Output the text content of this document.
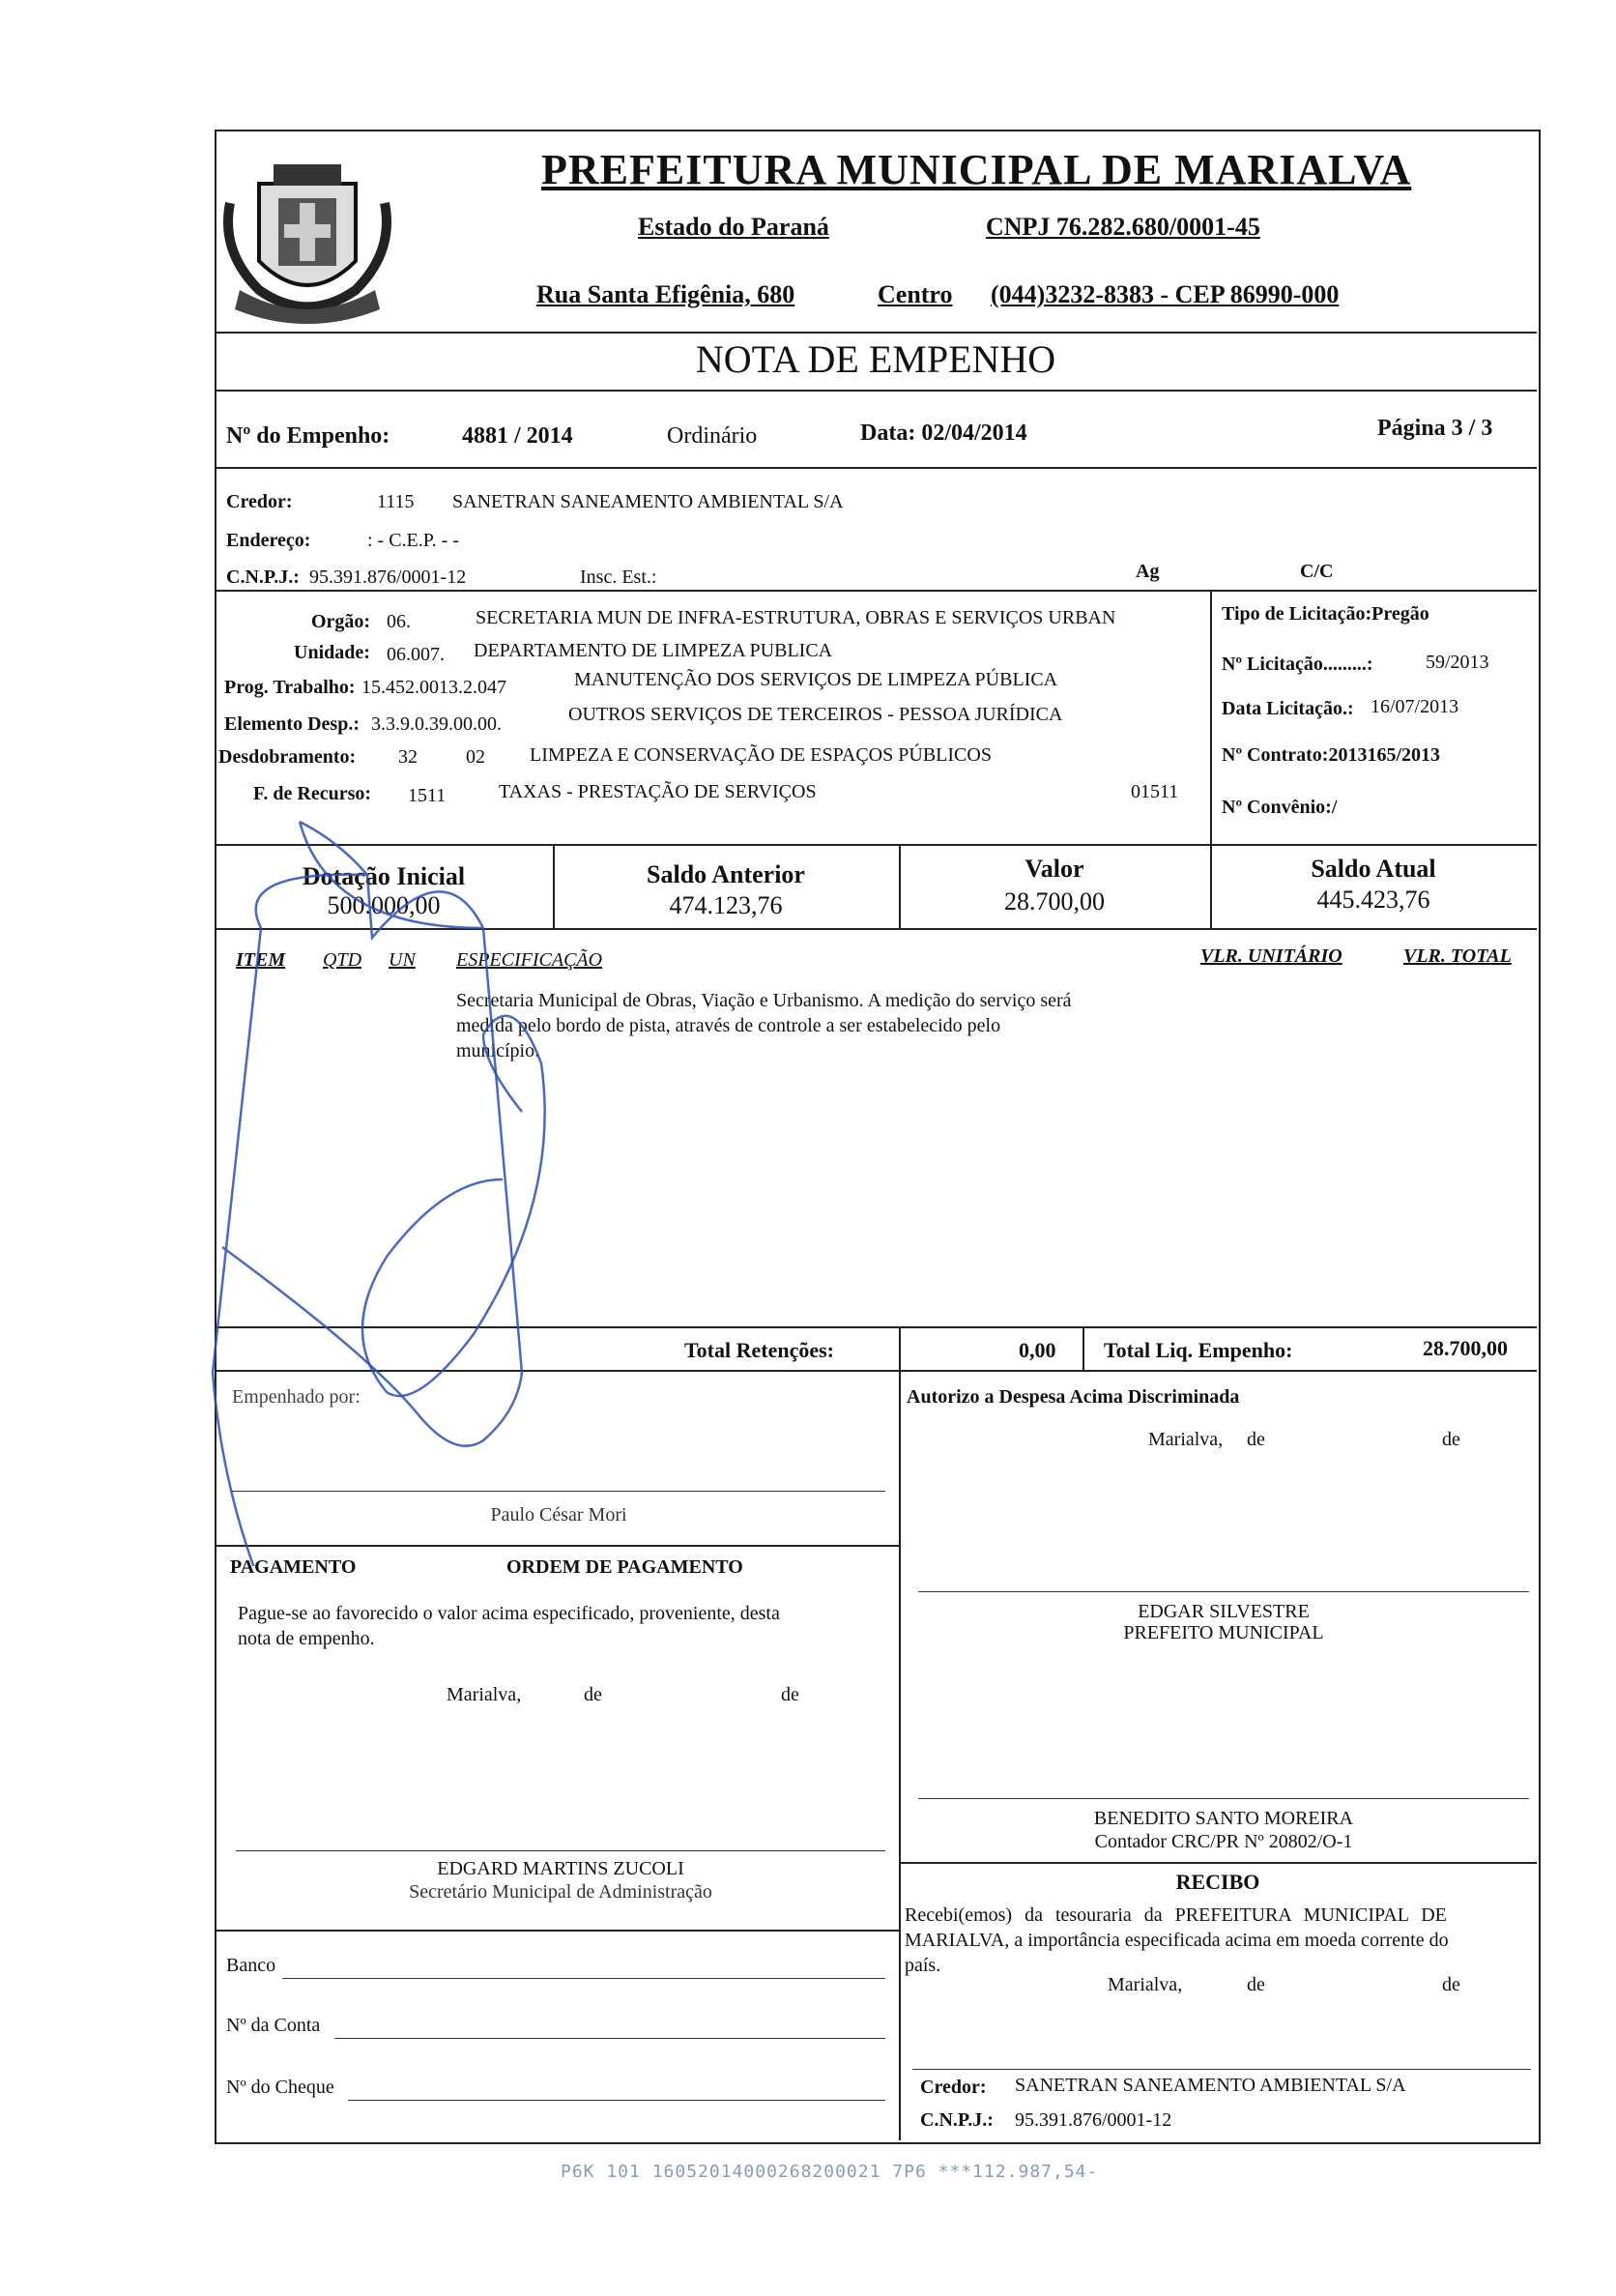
PREFEITURA MUNICIPAL DE MARIALVA
Estado do Paraná	CNPJ 76.282.680/0001-45
Rua Santa Efigênia, 680	Centro (044)3232-8383 - CEP 86990-000
NOTA DE EMPENHO
Nº do Empenho:	4881 / 2014	Ordinário	Data: 02/04/2014	Página 3 / 3
Credor:	1115 SANETRAN SANEAMENTO AMBIENTAL S/A
Endereço:	: - C.E.P. - -
C.N.P.J.: 95.391.876/0001-12	Insc. Est.:	Ag	C/C
Orgão: 06.	SECRETARIA MUN DE INFRA-ESTRUTURA, OBRAS E SERVIÇOS URBAN
Unidade: 06.007. DEPARTAMENTO DE LIMPEZA PUBLICA
Prog. Trabalho: 15.452.0013.2.047	MANUTENÇÃO DOS SERVIÇOS DE LIMPEZA PÚBLICA
Elemento Desp.: 3.3.9.0.39.00.00.	OUTROS SERVIÇOS DE TERCEIROS - PESSOA JURÍDICA
Desdobramento: 32	02 LIMPEZA E CONSERVAÇÃO DE ESPAÇOS PÚBLICOS
F. de Recurso: 1511	TAXAS - PRESTAÇÃO DE SERVIÇOS	01511
Tipo de Licitação:Pregão
Nº Licitação.........:	59/2013
Data Licitação.: 16/07/2013
Nº Contrato:2013165/2013
Nº Convênio:/
Dotação Inicial
500.000,00
Saldo Anterior
474.123,76
Valor
28.700,00
Saldo Atual
445.423,76
ITEM QTD UN ESPECIFICAÇÃO	VLR. UNITÁRIO	VLR. TOTAL
Secretaria Municipal de Obras, Viação e Urbanismo. A medição do serviço será
medida pelo bordo de pista, através de controle a ser estabelecido pelo
município.
Total Retenções:	0,00 Total Liq. Empenho:	28.700,00
Empenhado por:
Paulo César Mori
Autorizo a Despesa Acima Discriminada
Marialva, de	de
PAGAMENTO	ORDEM DE PAGAMENTO
Pague-se ao favorecido o valor acima especificado, proveniente, desta
nota de empenho.
Marialva,	de	de
EDGAR SILVESTRE
PREFEITO MUNICIPAL
BENEDITO SANTO MOREIRA
Contador CRC/PR Nº 20802/O-1
EDGARD MARTINS ZUCOLI
Secretário Municipal de Administração	RECIBO
Recebi(emos) da tesouraria da PREFEITURA MUNICIPAL DE
MARIALVA, a importância especificada acima em moeda corrente do
país.
Marialva,	de	de
Banco
Nº da Conta
Nº do Cheque	Credor: SANETRAN SANEAMENTO AMBIENTAL S/A
C.N.P.J.: 95.391.876/0001-12
P6K 101 16052014000268200021 7P6 ***112.987,54-
